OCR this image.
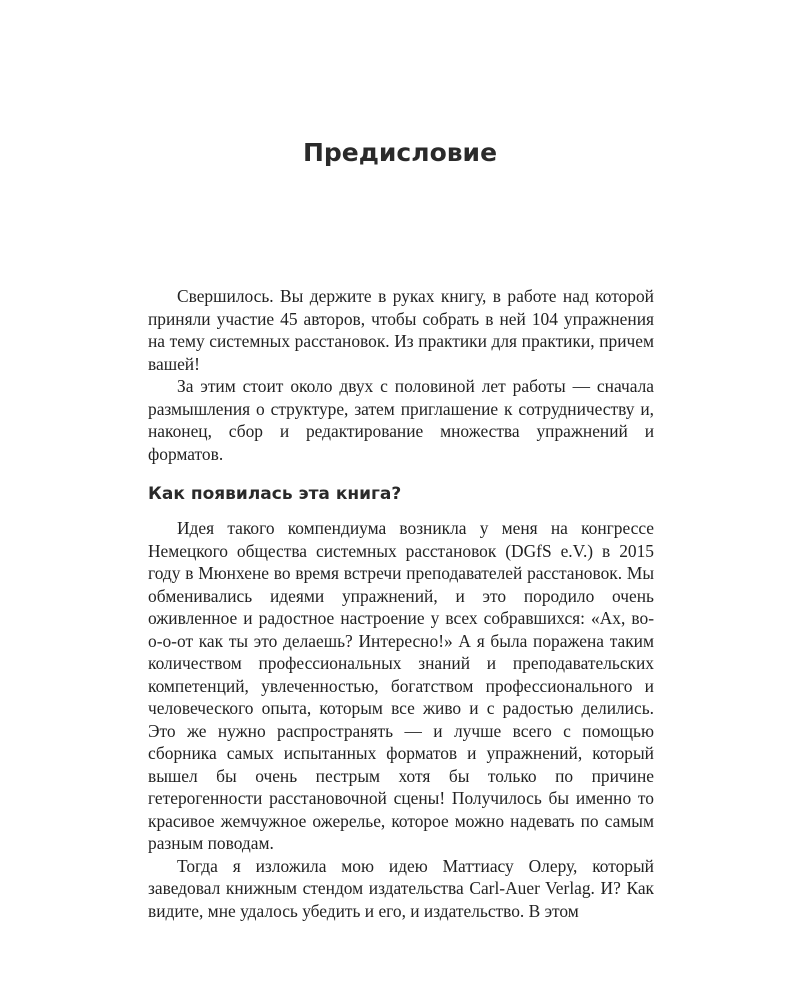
Предисловие

Свершилось. Вы держите в руках книгу, в работе над которой приняли участие 45 авторов, чтобы собрать в ней 104 упражнения на тему системных расстановок. Из практики для практики, причем вашей!

За этим стоит около двух с половиной лет работы — сначала размышления о структуре, затем приглашение к сотрудничеству и, наконец, сбор и редактирование множества упражнений и форматов.

Как появилась эта книга?

Идея такого компендиума возникла у меня на конгрессе Немецкого общества системных расстановок (DGfS e.V.) в 2015 году в Мюнхене во время встречи преподавателей расстановок. Мы обменивались идеями упражнений, и это породило очень оживленное и радостное настроение у всех собравшихся: «Ах, во-о-о-от как ты это делаешь? Интересно!» А я была поражена таким количеством профессиональных знаний и преподавательских компетенций, увлеченностью, богатством профессионального и человеческого опыта, которым все живо и с радостью делились. Это же нужно распространять — и лучше всего с помощью сборника самых испытанных форматов и упражнений, который вышел бы очень пестрым хотя бы только по причине гетерогенности расстановочной сцены! Получилось бы именно то красивое жемчужное ожерелье, которое можно надевать по самым разным поводам.

Тогда я изложила мою идею Маттиасу Олеру, который заведовал книжным стендом издательства Carl-Auer Verlag. И? Как видите, мне удалось убедить и его, и издательство. В этом
